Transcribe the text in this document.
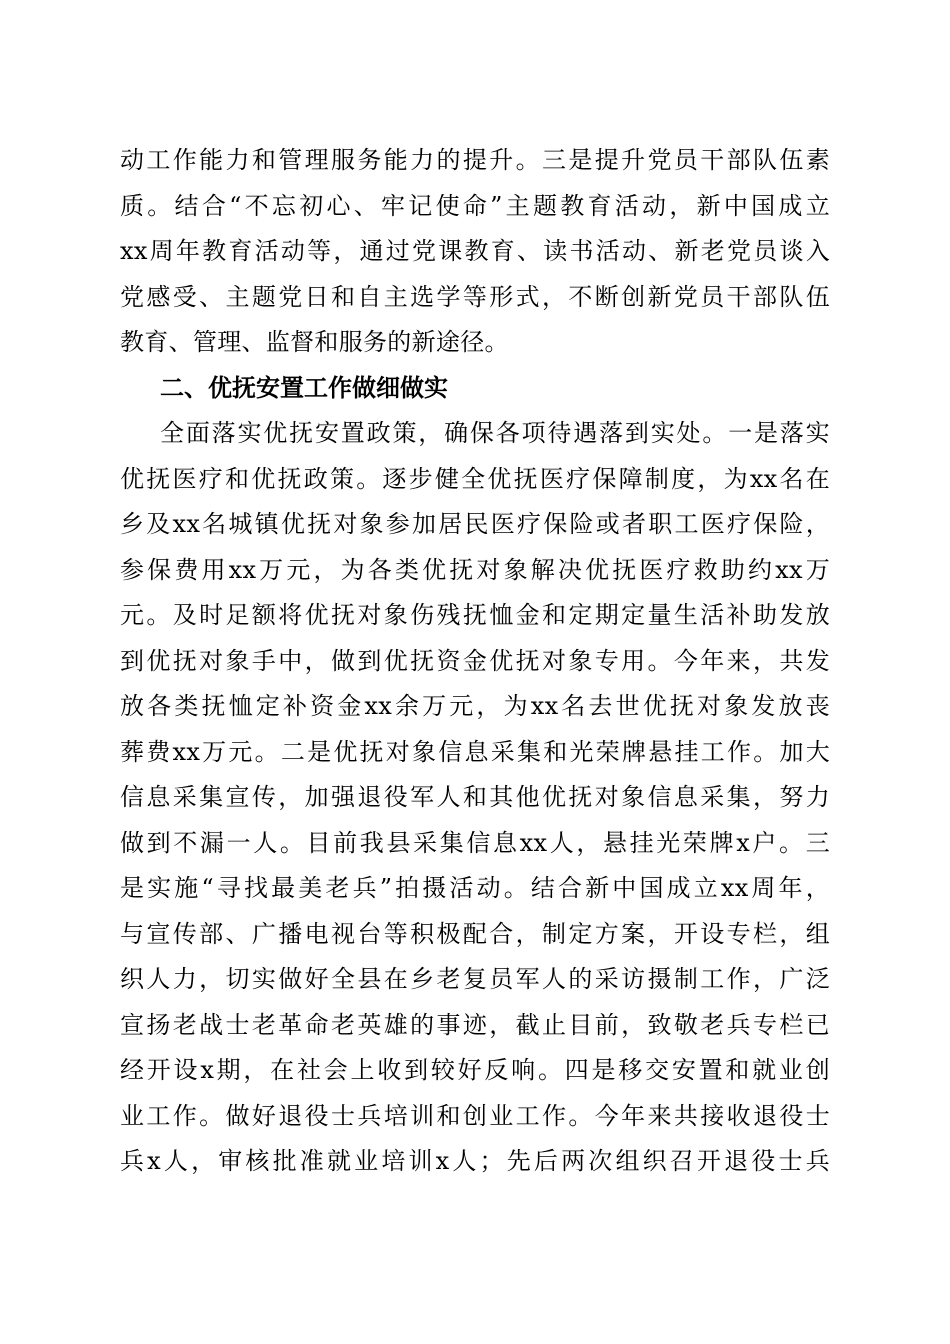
动工作能力和管理服务能力的提升。三是提升党员干部队伍素
质。结合“不忘初心、牢记使命”主题教育活动，新中国成立
xx周年教育活动等，通过党课教育、读书活动、新老党员谈入
党感受、主题党日和自主选学等形式，不断创新党员干部队伍
教育、管理、监督和服务的新途径。
二、优抚安置工作做细做实
全面落实优抚安置政策，确保各项待遇落到实处。一是落实
优抚医疗和优抚政策。逐步健全优抚医疗保障制度，为xx名在
乡及xx名城镇优抚对象参加居民医疗保险或者职工医疗保险，
参保费用xx万元，为各类优抚对象解决优抚医疗救助约xx万
元。及时足额将优抚对象伤残抚恤金和定期定量生活补助发放
到优抚对象手中，做到优抚资金优抚对象专用。今年来，共发
放各类抚恤定补资金xx余万元，为xx名去世优抚对象发放丧
葬费xx万元。二是优抚对象信息采集和光荣牌悬挂工作。加大
信息采集宣传，加强退役军人和其他优抚对象信息采集，努力
做到不漏一人。目前我县采集信息xx人，悬挂光荣牌x户。三
是实施“寻找最美老兵”拍摄活动。结合新中国成立xx周年，
与宣传部、广播电视台等积极配合，制定方案，开设专栏，组
织人力，切实做好全县在乡老复员军人的采访摄制工作，广泛
宣扬老战士老革命老英雄的事迹，截止目前，致敬老兵专栏已
经开设x期，在社会上收到较好反响。四是移交安置和就业创
业工作。做好退役士兵培训和创业工作。今年来共接收退役士
兵x人，审核批准就业培训x人；先后两次组织召开退役士兵
